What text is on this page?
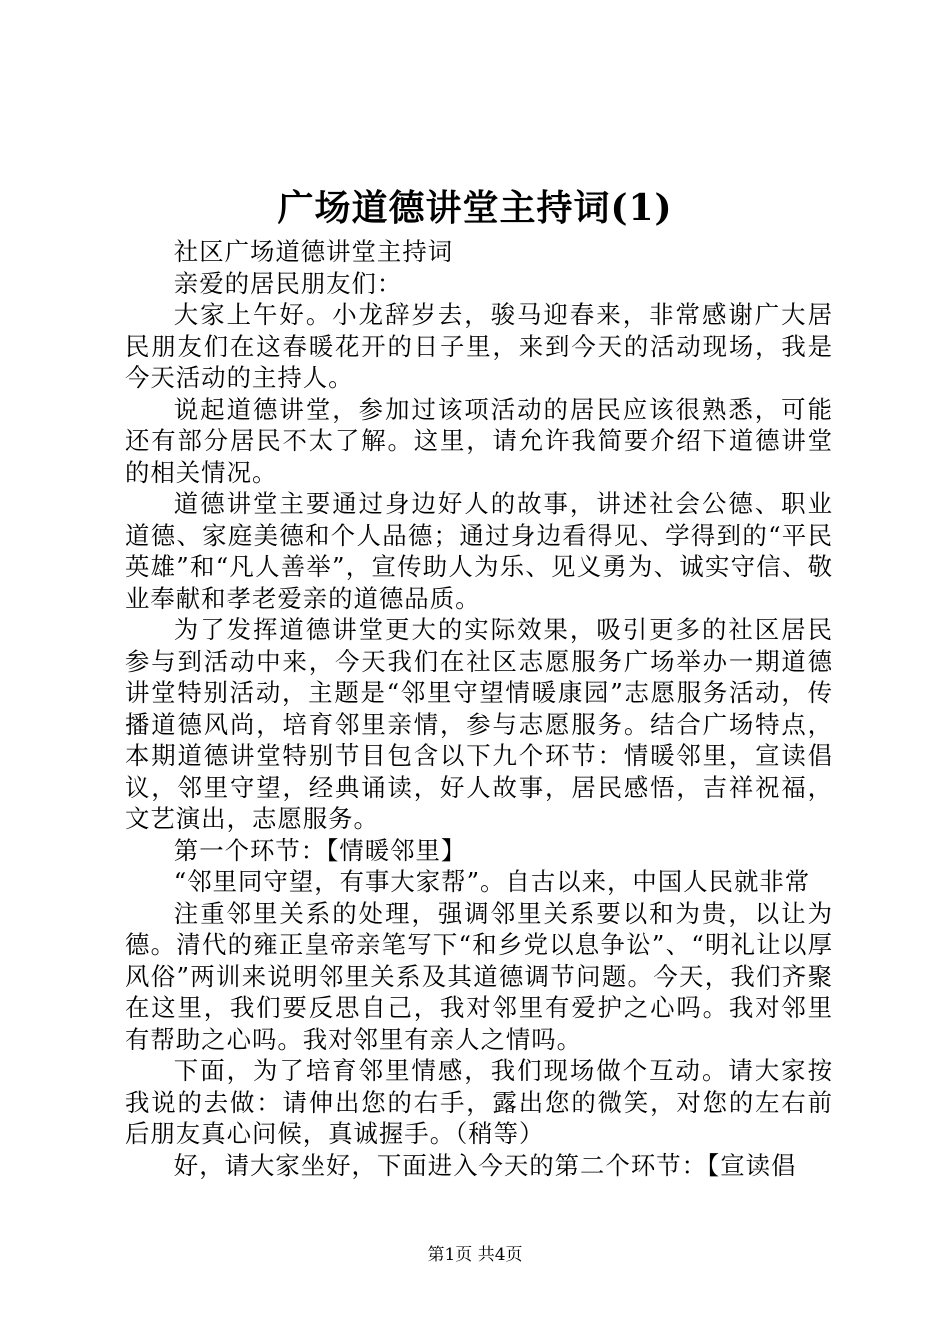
广场道德讲堂主持词(1)

社区广场道德讲堂主持词

亲爱的居民朋友们：

大家上午好。小龙辞岁去，骏马迎春来，非常感谢广大居民朋友们在这春暖花开的日子里，来到今天的活动现场，我是今天活动的主持人。

说起道德讲堂，参加过该项活动的居民应该很熟悉，可能还有部分居民不太了解。这里，请允许我简要介绍下道德讲堂的相关情况。

道德讲堂主要通过身边好人的故事，讲述社会公德、职业道德、家庭美德和个人品德；通过身边看得见、学得到的“平民英雄”和“凡人善举”，宣传助人为乐、见义勇为、诚实守信、敬业奉献和孝老爱亲的道德品质。

为了发挥道德讲堂更大的实际效果，吸引更多的社区居民参与到活动中来，今天我们在社区志愿服务广场举办一期道德讲堂特别活动，主题是“邻里守望情暖康园”志愿服务活动，传播道德风尚，培育邻里亲情，参与志愿服务。结合广场特点，本期道德讲堂特别节目包含以下九个环节：情暖邻里，宣读倡议，邻里守望，经典诵读，好人故事，居民感悟，吉祥祝福，文艺演出，志愿服务。

第一个环节：【情暖邻里】

“邻里同守望，有事大家帮”。自古以来，中国人民就非常

注重邻里关系的处理，强调邻里关系要以和为贵，以让为德。清代的雍正皇帝亲笔写下“和乡党以息争讼”、“明礼让以厚风俗”两训来说明邻里关系及其道德调节问题。今天，我们齐聚在这里，我们要反思自己，我对邻里有爱护之心吗。我对邻里有帮助之心吗。我对邻里有亲人之情吗。

下面，为了培育邻里情感，我们现场做个互动。请大家按我说的去做：请伸出您的右手，露出您的微笑，对您的左右前后朋友真心问候，真诚握手。（稍等）

好，请大家坐好，下面进入今天的第二个环节：【宣读倡

第1页 共4页
